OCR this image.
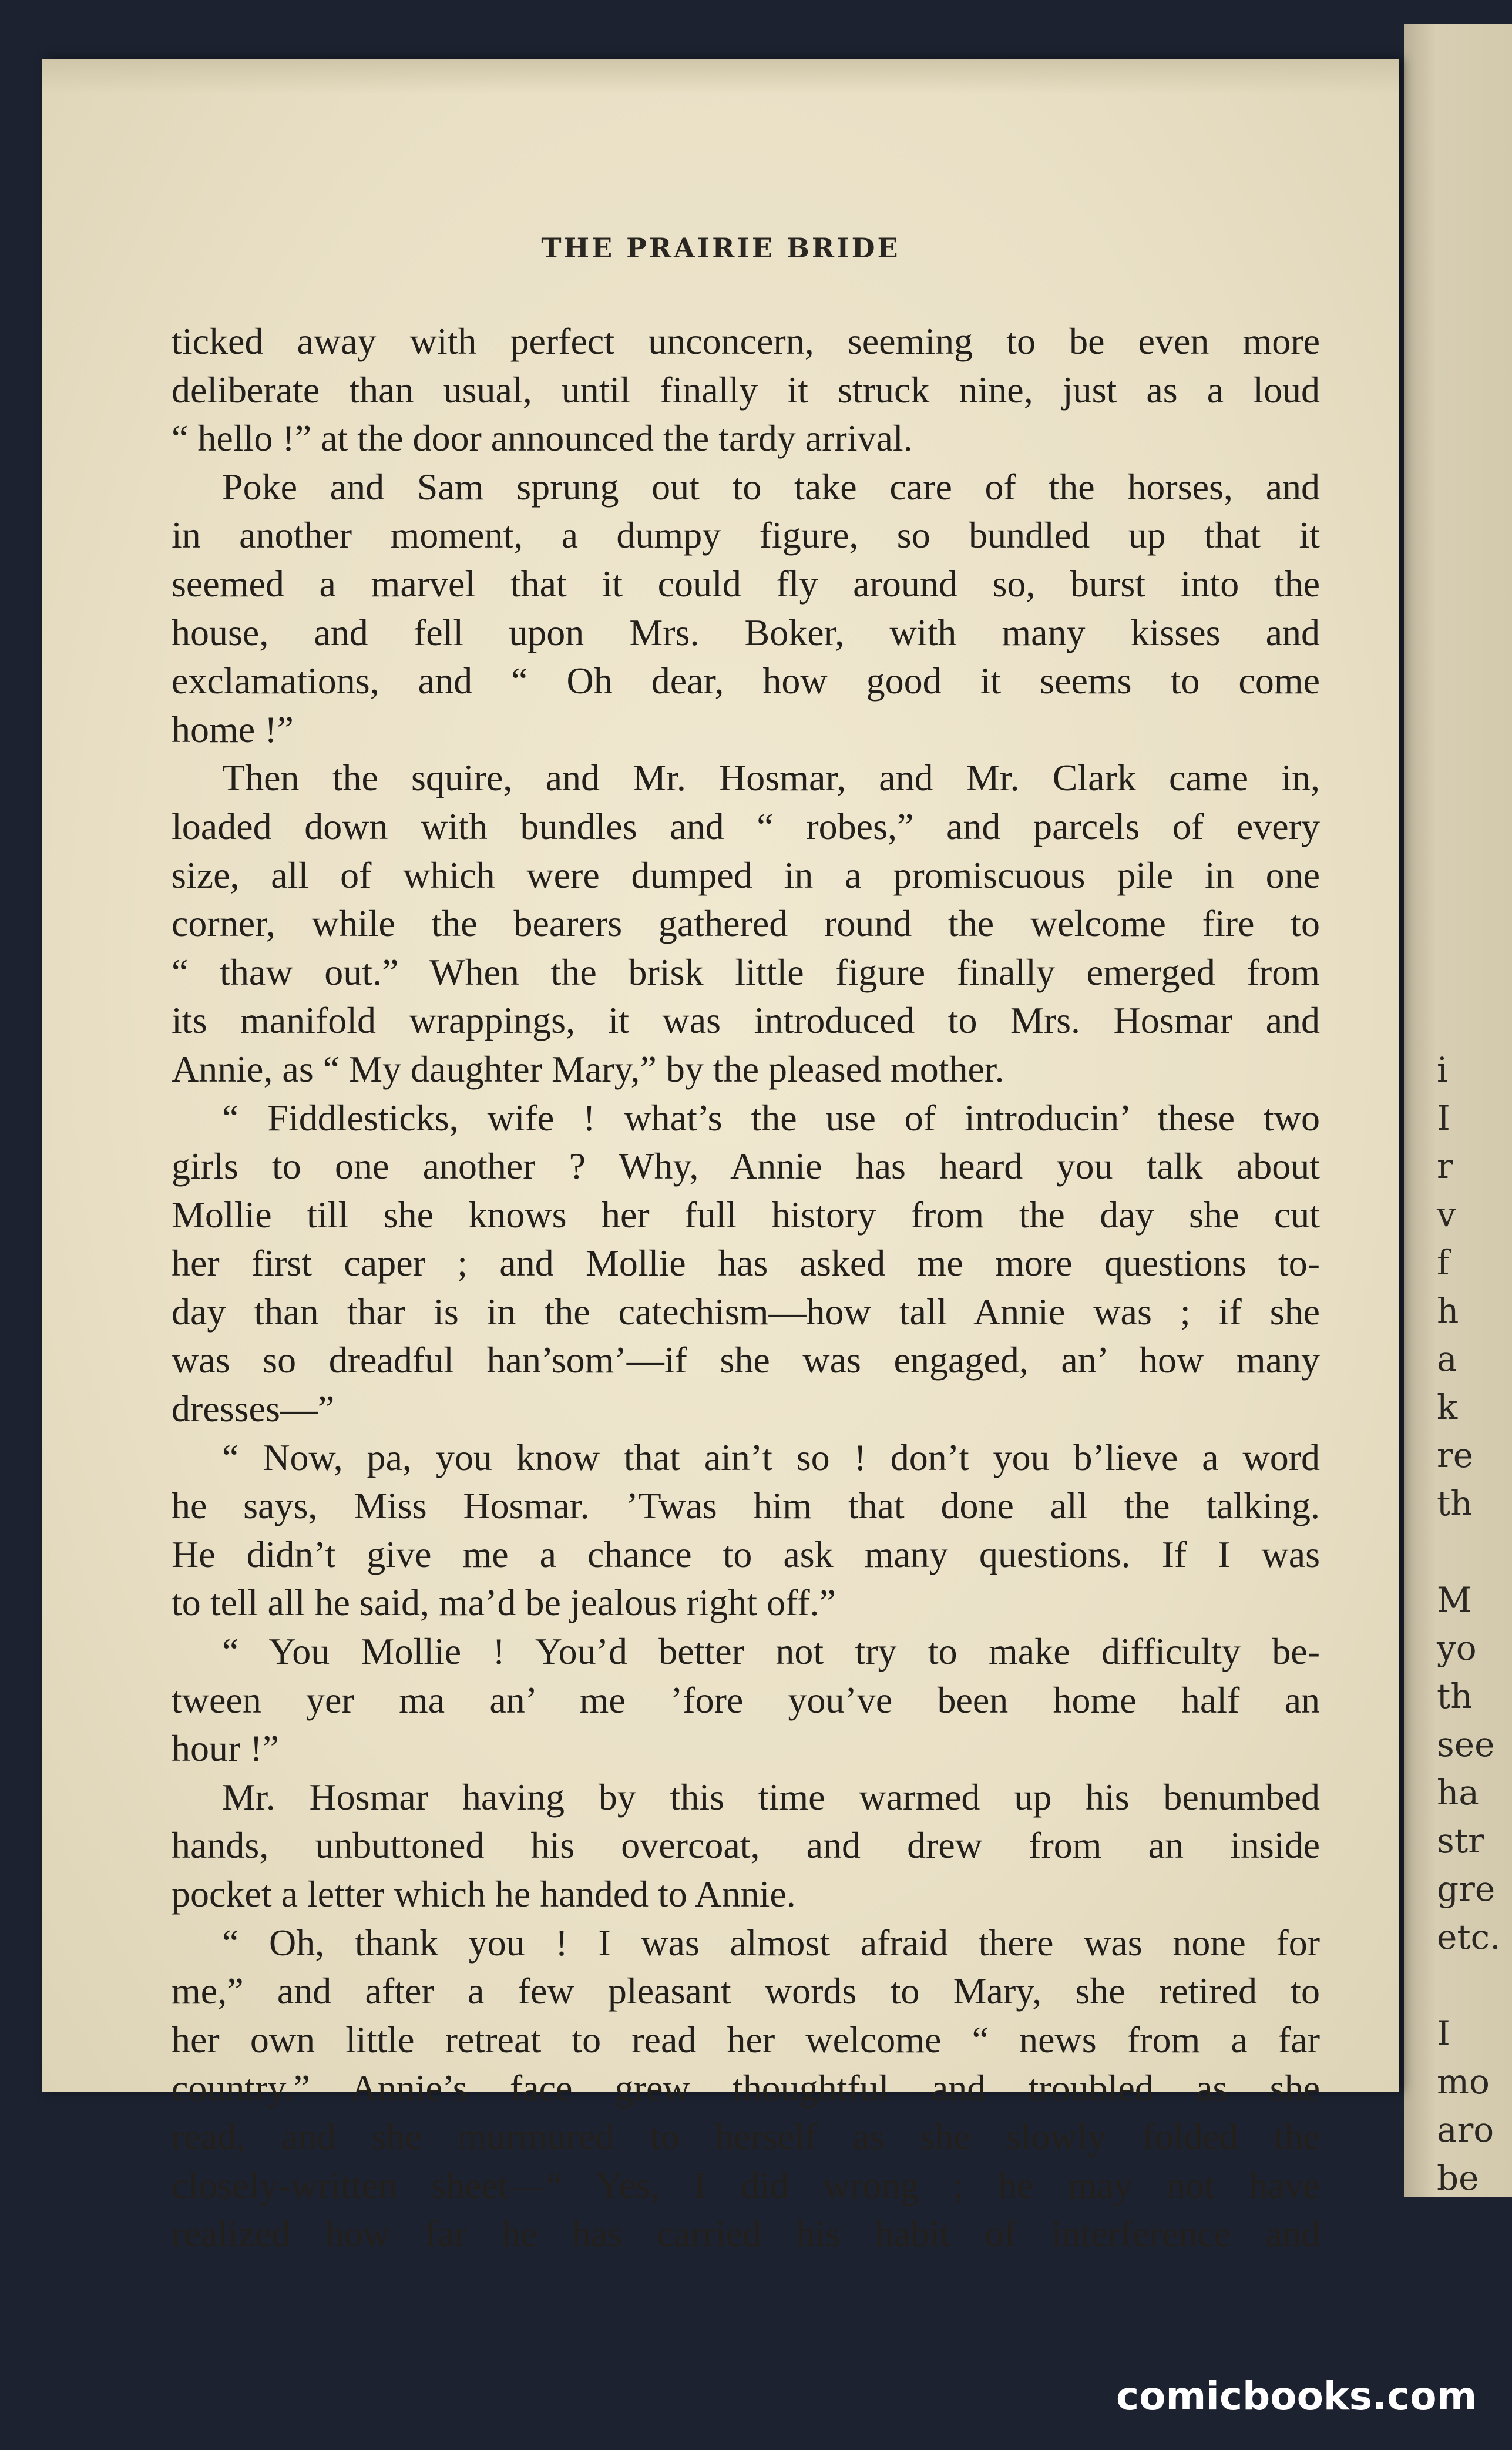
i
I
r
v
f
h
a
k
re
th
M
yo
th
see
ha
str
gre
etc.
I
mo
aro
be
THE PRAIRIE BRIDE
ticked away with perfect unconcern, seeming to be even more
deliberate than usual, until finally it struck nine, just as a loud
“ hello !” at the door announced the tardy arrival.
Poke and Sam sprung out to take care of the horses, and
in another moment, a dumpy figure, so bundled up that it
seemed a marvel that it could fly around so, burst into the
house, and fell upon Mrs. Boker, with many kisses and
exclamations, and “ Oh dear, how good it seems to come
home !”
Then the squire, and Mr. Hosmar, and Mr. Clark came in,
loaded down with bundles and “ robes,” and parcels of every
size, all of which were dumped in a promiscuous pile in one
corner, while the bearers gathered round the welcome fire to
“ thaw out.” When the brisk little figure finally emerged from
its manifold wrappings, it was introduced to Mrs. Hosmar and
Annie, as “ My daughter Mary,” by the pleased mother.
“ Fiddlesticks, wife ! what’s the use of introducin’ these two
girls to one another ? Why, Annie has heard you talk about
Mollie till she knows her full history from the day she cut
her first caper ; and Mollie has asked me more questions to-
day than thar is in the catechism—how tall Annie was ; if she
was so dreadful han’som’—if she was engaged, an’ how many
dresses—”
“ Now, pa, you know that ain’t so ! don’t you b’lieve a word
he says, Miss Hosmar. ’Twas him that done all the talking.
He didn’t give me a chance to ask many questions. If I was
to tell all he said, ma’d be jealous right off.”
“ You Mollie ! You’d better not try to make difficulty be-
tween yer ma an’ me ’fore you’ve been home half an
hour !”
Mr. Hosmar having by this time warmed up his benumbed
hands, unbuttoned his overcoat, and drew from an inside
pocket a letter which he handed to Annie.
“ Oh, thank you ! I was almost afraid there was none for
me,” and after a few pleasant words to Mary, she retired to
her own little retreat to read her welcome “ news from a far
country.” Annie’s face grew thoughtful and troubled as she
read, and she murmured to herself as she slowly folded the
closely-written sheet—“ Yes, I did wrong ; he may not have
realized how far he has carried his habit of interference and
comicbooks.com
